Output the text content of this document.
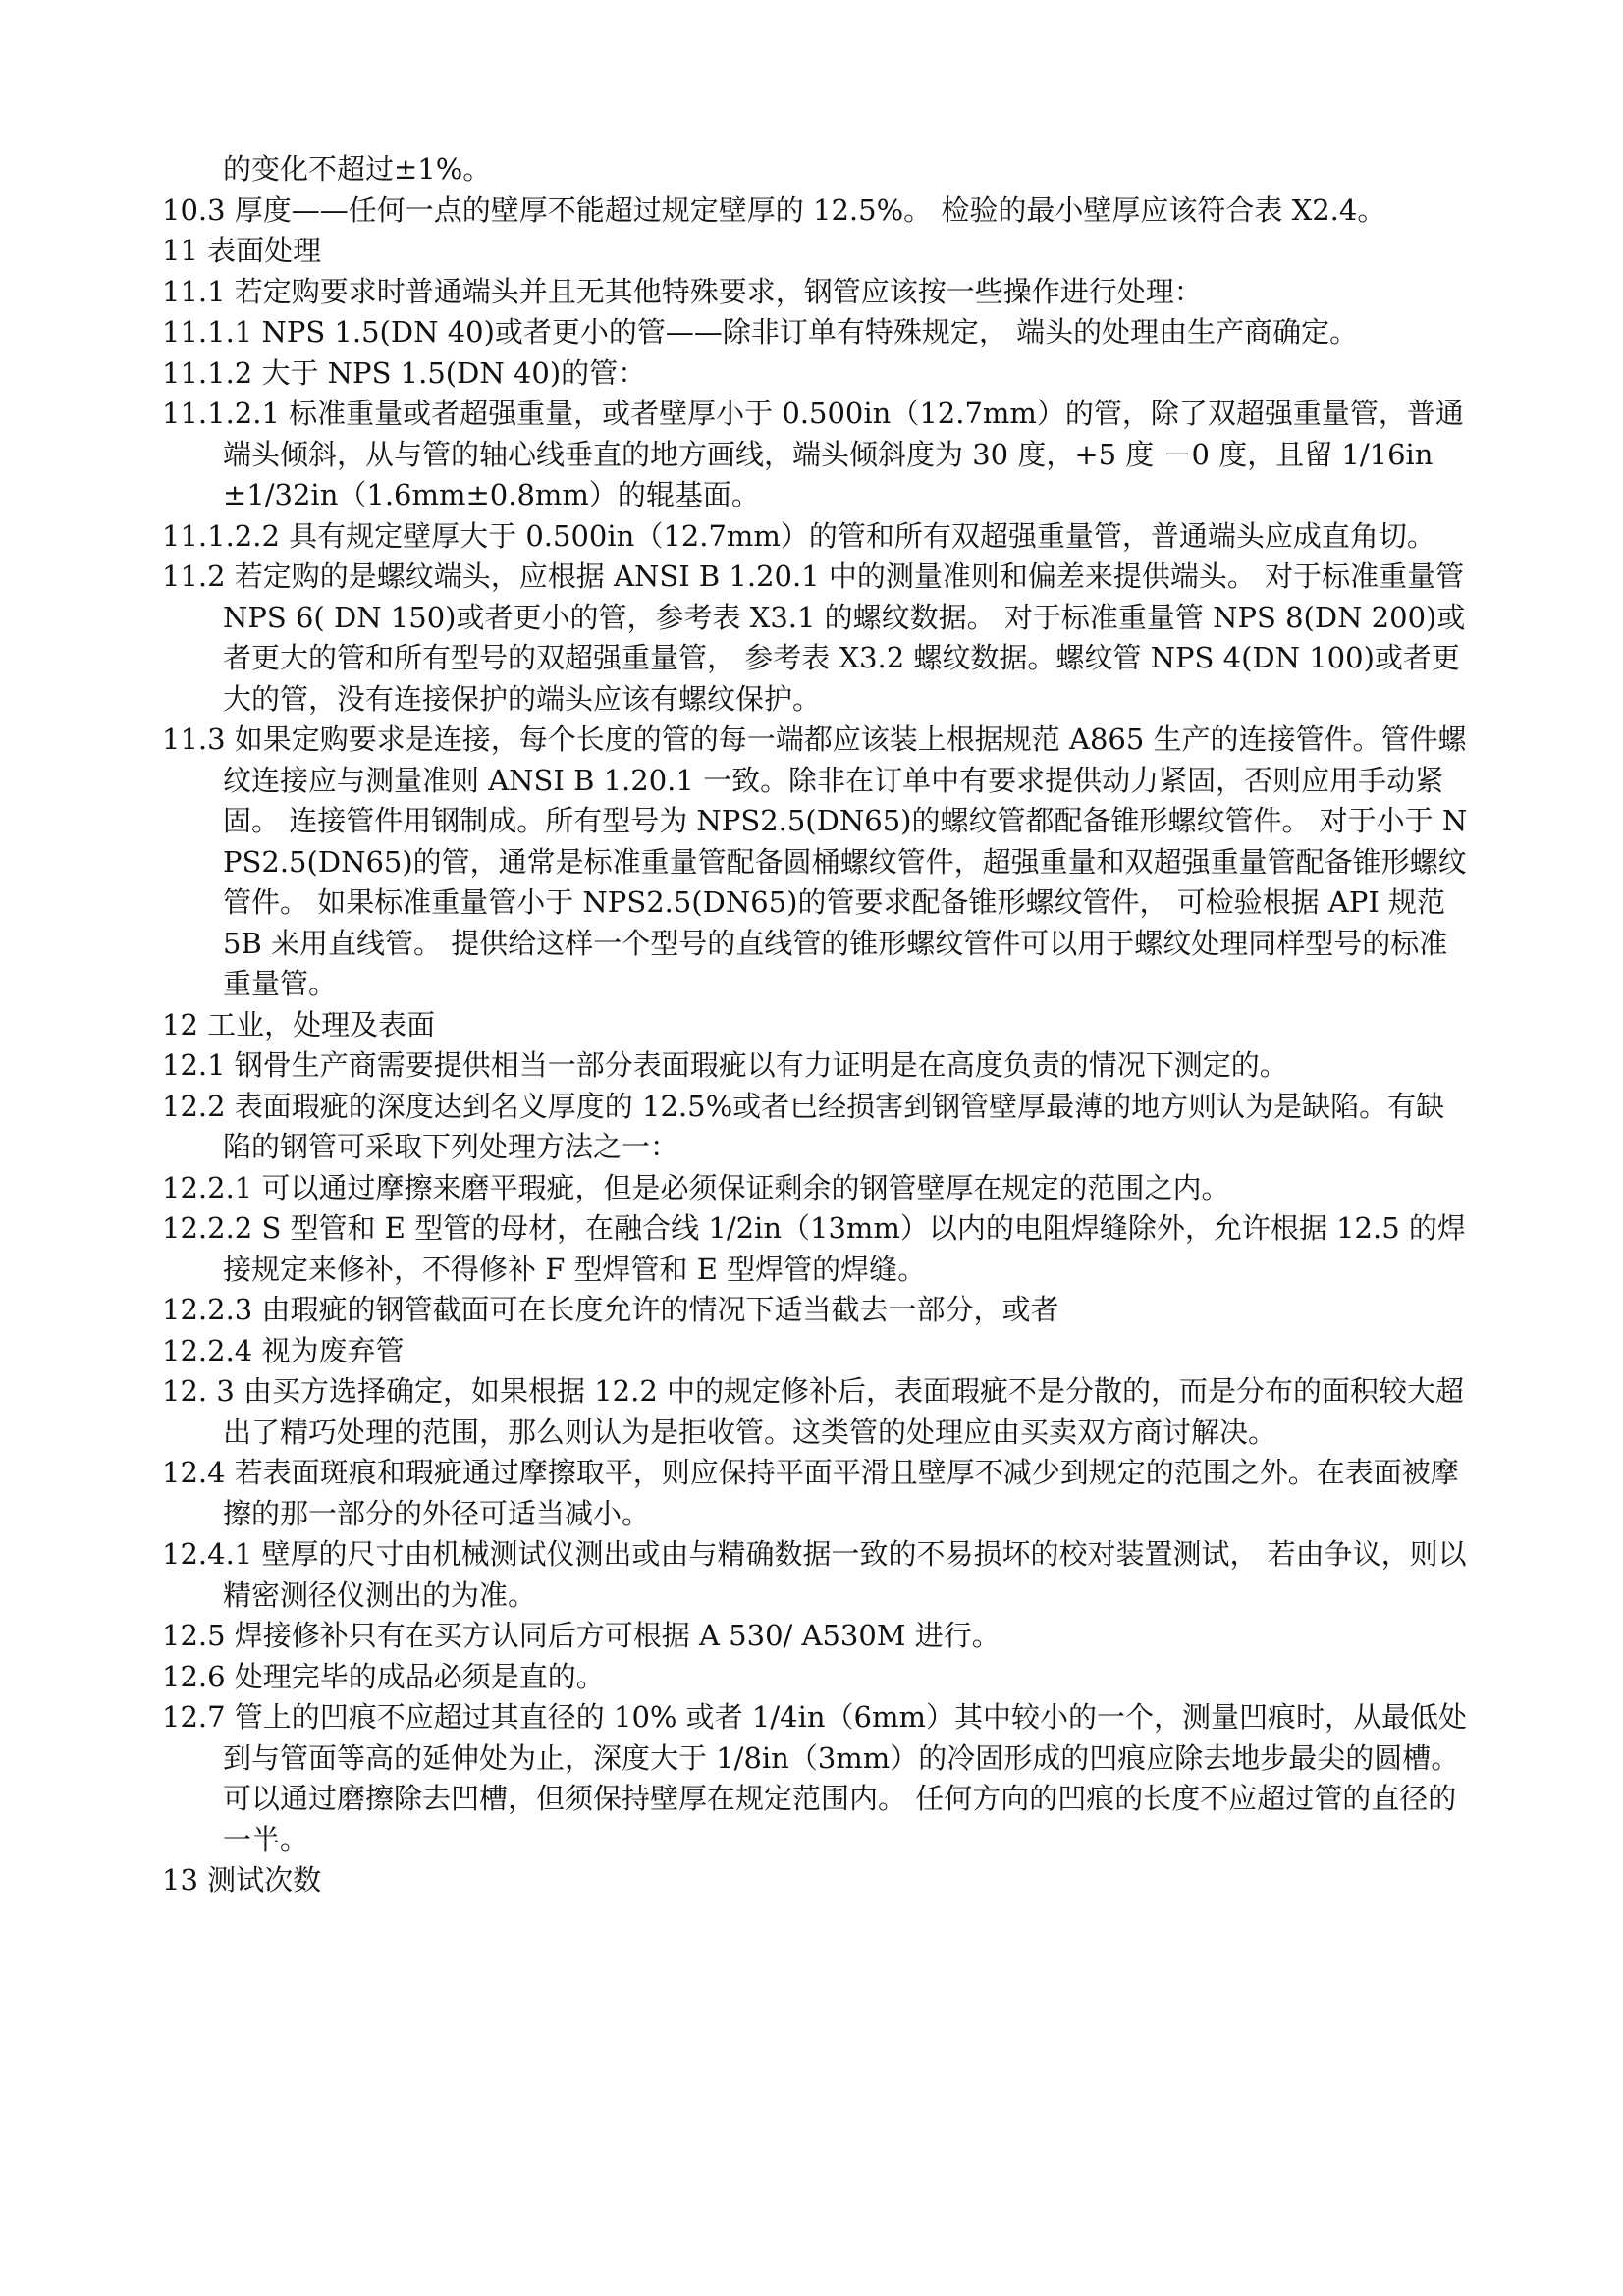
的变化不超过±1%。

10.3 厚度——任何一点的壁厚不能超过规定壁厚的 12.5%。 检验的最小壁厚应该符合表 X2.4。

11 表面处理

11.1 若定购要求时普通端头并且无其他特殊要求，钢管应该按一些操作进行处理：

11.1.1 NPS 1.5(DN 40)或者更小的管——除非订单有特殊规定， 端头的处理由生产商确定。

11.1.2 大于 NPS 1.5(DN 40)的管：

11.1.2.1 标准重量或者超强重量，或者壁厚小于 0.500in（12.7mm）的管，除了双超强重量管，普通端头倾斜，从与管的轴心线垂直的地方画线，端头倾斜度为 30 度，+5 度 －0 度，且留 1/16in±1/32in（1.6mm±0.8mm）的辊基面。

11.1.2.2 具有规定壁厚大于 0.500in（12.7mm）的管和所有双超强重量管，普通端头应成直角切。

11.2 若定购的是螺纹端头，应根据 ANSI B 1.20.1 中的测量准则和偏差来提供端头。 对于标准重量管 NPS 6( DN 150)或者更小的管，参考表 X3.1 的螺纹数据。 对于标准重量管 NPS 8(DN 200)或者更大的管和所有型号的双超强重量管， 参考表 X3.2 螺纹数据。螺纹管 NPS 4(DN 100)或者更大的管，没有连接保护的端头应该有螺纹保护。

11.3 如果定购要求是连接，每个长度的管的每一端都应该装上根据规范 A865 生产的连接管件。管件螺纹连接应与测量准则 ANSI B 1.20.1 一致。除非在订单中有要求提供动力紧固，否则应用手动紧固。 连接管件用钢制成。所有型号为 NPS2.5(DN65)的螺纹管都配备锥形螺纹管件。 对于小于 NPS2.5(DN65)的管，通常是标准重量管配备圆桶螺纹管件，超强重量和双超强重量管配备锥形螺纹管件。 如果标准重量管小于 NPS2.5(DN65)的管要求配备锥形螺纹管件， 可检验根据 API 规范 5B 来用直线管。 提供给这样一个型号的直线管的锥形螺纹管件可以用于螺纹处理同样型号的标准重量管。

12 工业，处理及表面

12.1 钢骨生产商需要提供相当一部分表面瑕疵以有力证明是在高度负责的情况下测定的。

12.2 表面瑕疵的深度达到名义厚度的 12.5%或者已经损害到钢管壁厚最薄的地方则认为是缺陷。有缺陷的钢管可采取下列处理方法之一：

12.2.1 可以通过摩擦来磨平瑕疵，但是必须保证剩余的钢管壁厚在规定的范围之内。

12.2.2 S 型管和 E 型管的母材，在融合线 1/2in（13mm）以内的电阻焊缝除外，允许根据 12.5 的焊接规定来修补，不得修补 F 型焊管和 E 型焊管的焊缝。

12.2.3 由瑕疵的钢管截面可在长度允许的情况下适当截去一部分，或者

12.2.4 视为废弃管

12. 3 由买方选择确定，如果根据 12.2 中的规定修补后，表面瑕疵不是分散的，而是分布的面积较大超出了精巧处理的范围，那么则认为是拒收管。这类管的处理应由买卖双方商讨解决。

12.4 若表面斑痕和瑕疵通过摩擦取平，则应保持平面平滑且壁厚不减少到规定的范围之外。在表面被摩擦的那一部分的外径可适当减小。

12.4.1 壁厚的尺寸由机械测试仪测出或由与精确数据一致的不易损坏的校对装置测试， 若由争议，则以精密测径仪测出的为准。

12.5 焊接修补只有在买方认同后方可根据 A 530/ A530M 进行。

12.6 处理完毕的成品必须是直的。

12.7 管上的凹痕不应超过其直径的 10% 或者 1/4in（6mm）其中较小的一个，测量凹痕时，从最低处到与管面等高的延伸处为止，深度大于 1/8in（3mm）的冷固形成的凹痕应除去地步最尖的圆槽。 可以通过磨擦除去凹槽，但须保持壁厚在规定范围内。 任何方向的凹痕的长度不应超过管的直径的一半。

13 测试次数
